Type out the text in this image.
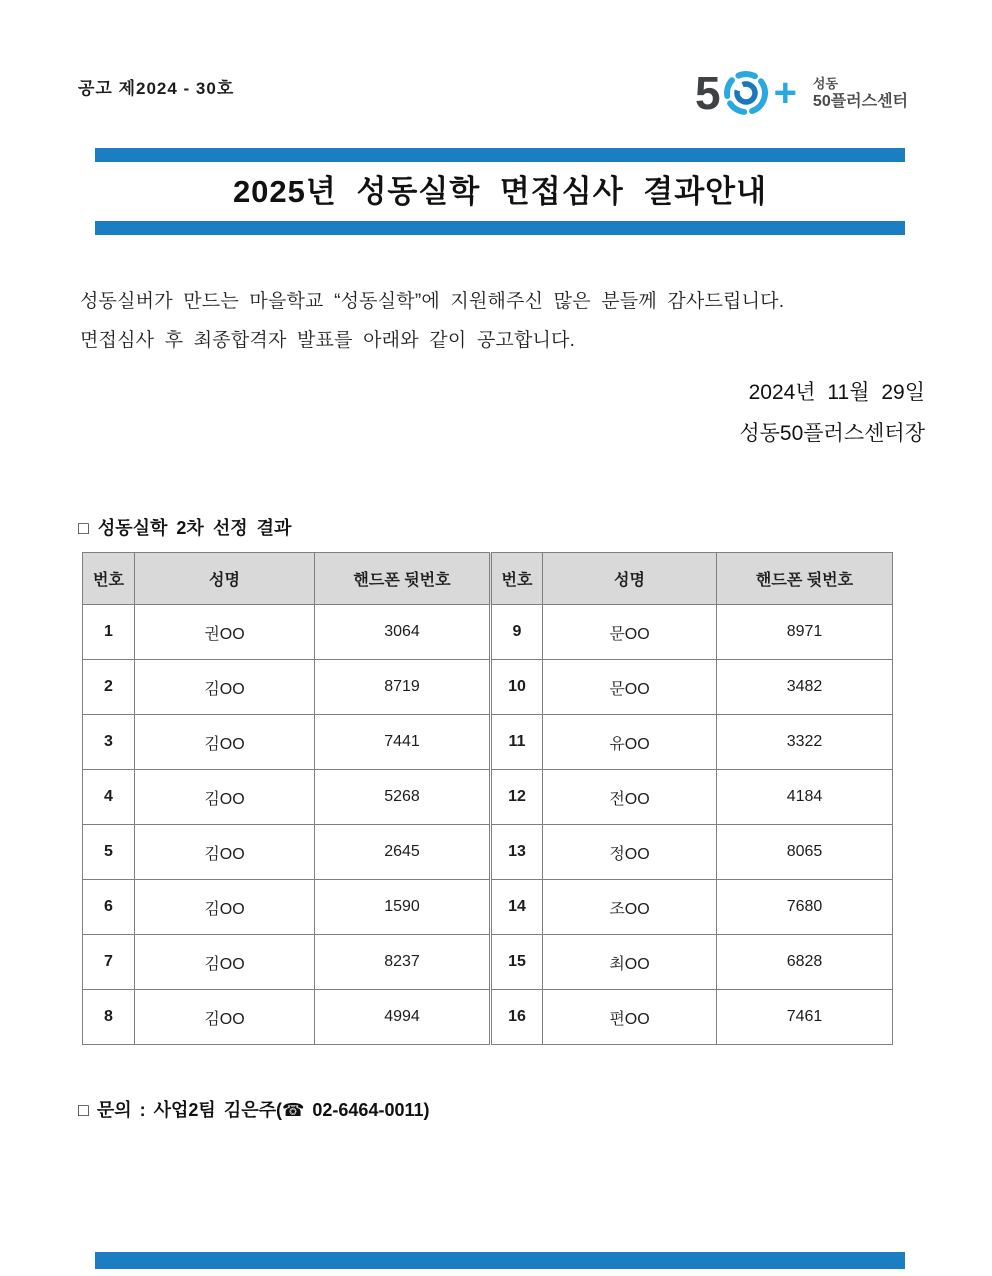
공고 제2024 - 30호	5 + 성동
50플러스센터
2025년 성동실학 면접심사 결과안내
성동실버가 만드는 마을학교 “성동실학”에 지원해주신 많은 분들께 감사드립니다.
면접심사 후 최종합격자 발표를 아래와 같이 공고합니다.
2024년 11월 29일
성동50플러스센터장
□ 성동실학 2차 선정 결과
번호	성명	핸드폰 뒷번호	번호	성명	핸드폰 뒷번호
1	권OO	3064	9	문OO	8971
2	김OO	8719	10	문OO	3482
3	김OO	7441	11	유OO	3322
4	김OO	5268	12	전OO	4184
5	김OO	2645	13	정OO	8065
6	김OO	1590	14	조OO	7680
7	김OO	8237	15	최OO	6828
8	김OO	4994	16	편OO	7461
□ 문의 : 사업2팀 김은주(☎ 02-6464-0011)
